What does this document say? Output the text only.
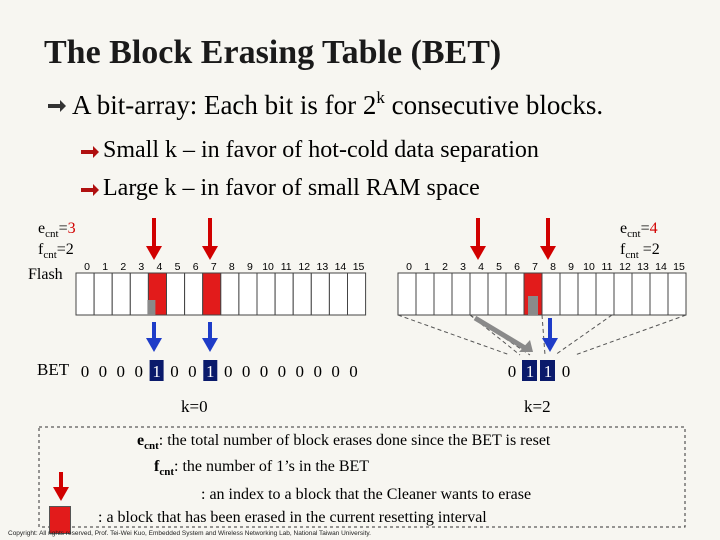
The Block Erasing Table (BET)
A bit-array: Each bit is for 2$^k$ consecutive blocks.
Small k – in favor of hot-cold data separation
Large k – in favor of small RAM space
$e_{cnt}=3$
$f_{cnt}=2$
Flash
$e_{cnt}=4$
$f_{cnt} =2$
0 1 2 3 4 5 6 7 8 9 10 11 12 13 14 15
0 0 0 0 1 0 0 1 0 0 0 0 0 0 0 0
0 1 2 3 4 5 6 7 8 9 10 11 12 13 14 15
0 1 1 0
BET
k=0	k=2
$e_{cnt}$: the total number of block erases done since the BET is reset
$f_{cnt}$: the number of 1’s in the BET
: an index to a block that the Cleaner wants to erase
: a block that has been erased in the current resetting interval
Copyright: All rights reserved, Prof. Tei-Wei Kuo, Embedded System and Wireless Networking Lab, National Taiwan University.
